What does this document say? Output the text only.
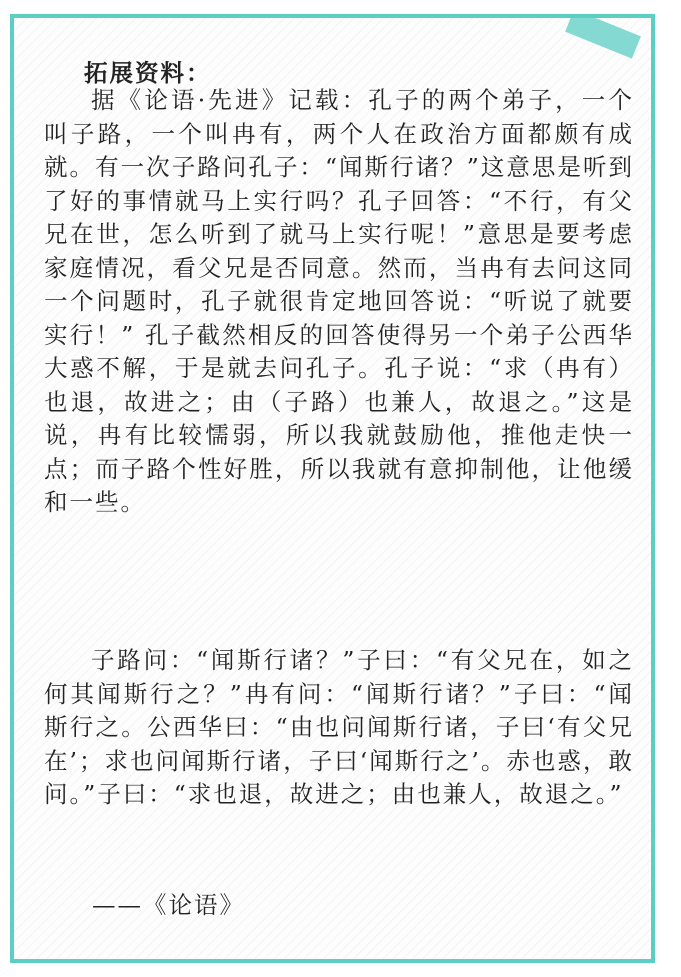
拓展资料：

据《论语·先进》记载：孔子的两个弟子，一个叫子路，一个叫冉有，两个人在政治方面都颇有成就。有一次子路问孔子：“闻斯行诸？”这意思是听到了好的事情就马上实行吗？孔子回答：“不行，有父兄在世，怎么听到了就马上实行呢！”意思是要考虑家庭情况，看父兄是否同意。然而，当冉有去问这同一个问题时，孔子就很肯定地回答说：“听说了就要实行！” 孔子截然相反的回答使得另一个弟子公西华大惑不解，于是就去问孔子。孔子说：“求（冉有）也退，故进之；由（子路）也兼人，故退之。”这是说，冉有比较懦弱，所以我就鼓励他，推他走快一点；而子路个性好胜，所以我就有意抑制他，让他缓和一些。

子路问：“闻斯行诸？”子曰：“有父兄在，如之何其闻斯行之？”冉有问：“闻斯行诸？”子曰：“闻斯行之。公西华曰：“由也问闻斯行诸，子曰‘有父兄在’；求也问闻斯行诸，子曰‘闻斯行之’。赤也惑，敢问。”子曰：“求也退，故进之；由也兼人，故退之。”

——《论语》
